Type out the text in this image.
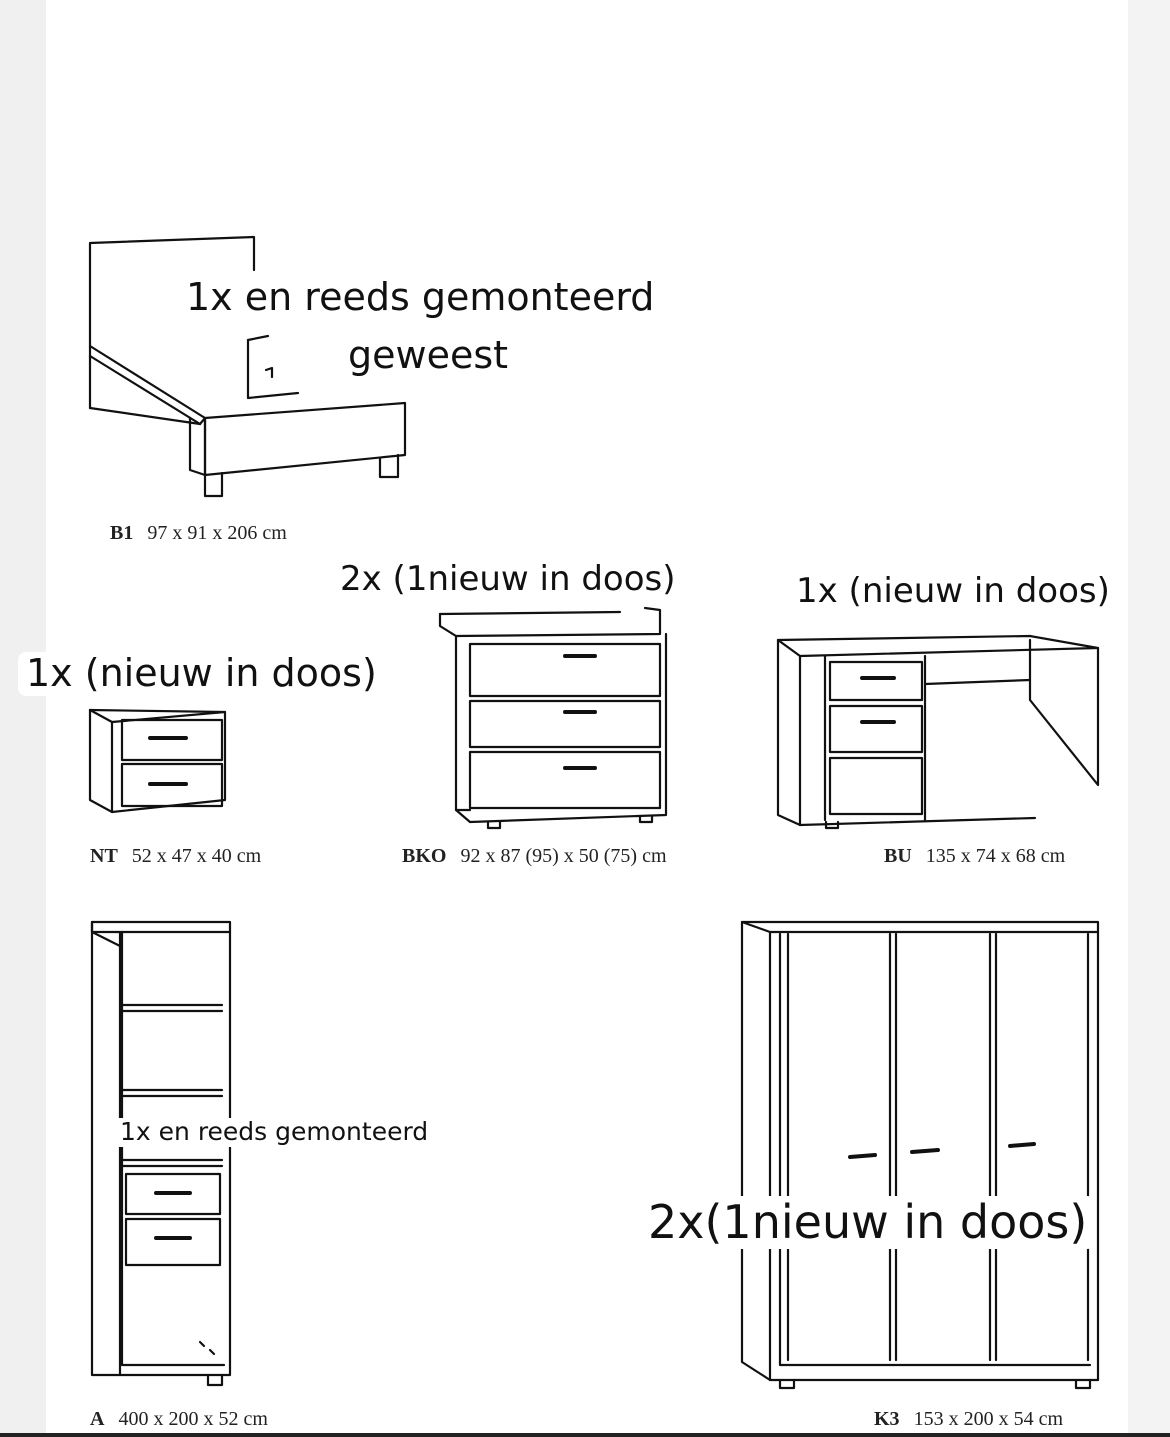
B1 97 x 91 x 206 cm
NT 52 x 47 x 40 cm	BKO 92 x 87 (95) x 50 (75) cm	BU 135 x 74 x 68 cm
A 400 x 200 x 52 cm	K3 153 x 200 x 54 cm
1x en reeds gemonteerd
geweest
1x (nieuw in doos)
2x (1nieuw in doos)	1x (nieuw in doos)
1x en reeds gemonteerd
2x(1nieuw in doos)
